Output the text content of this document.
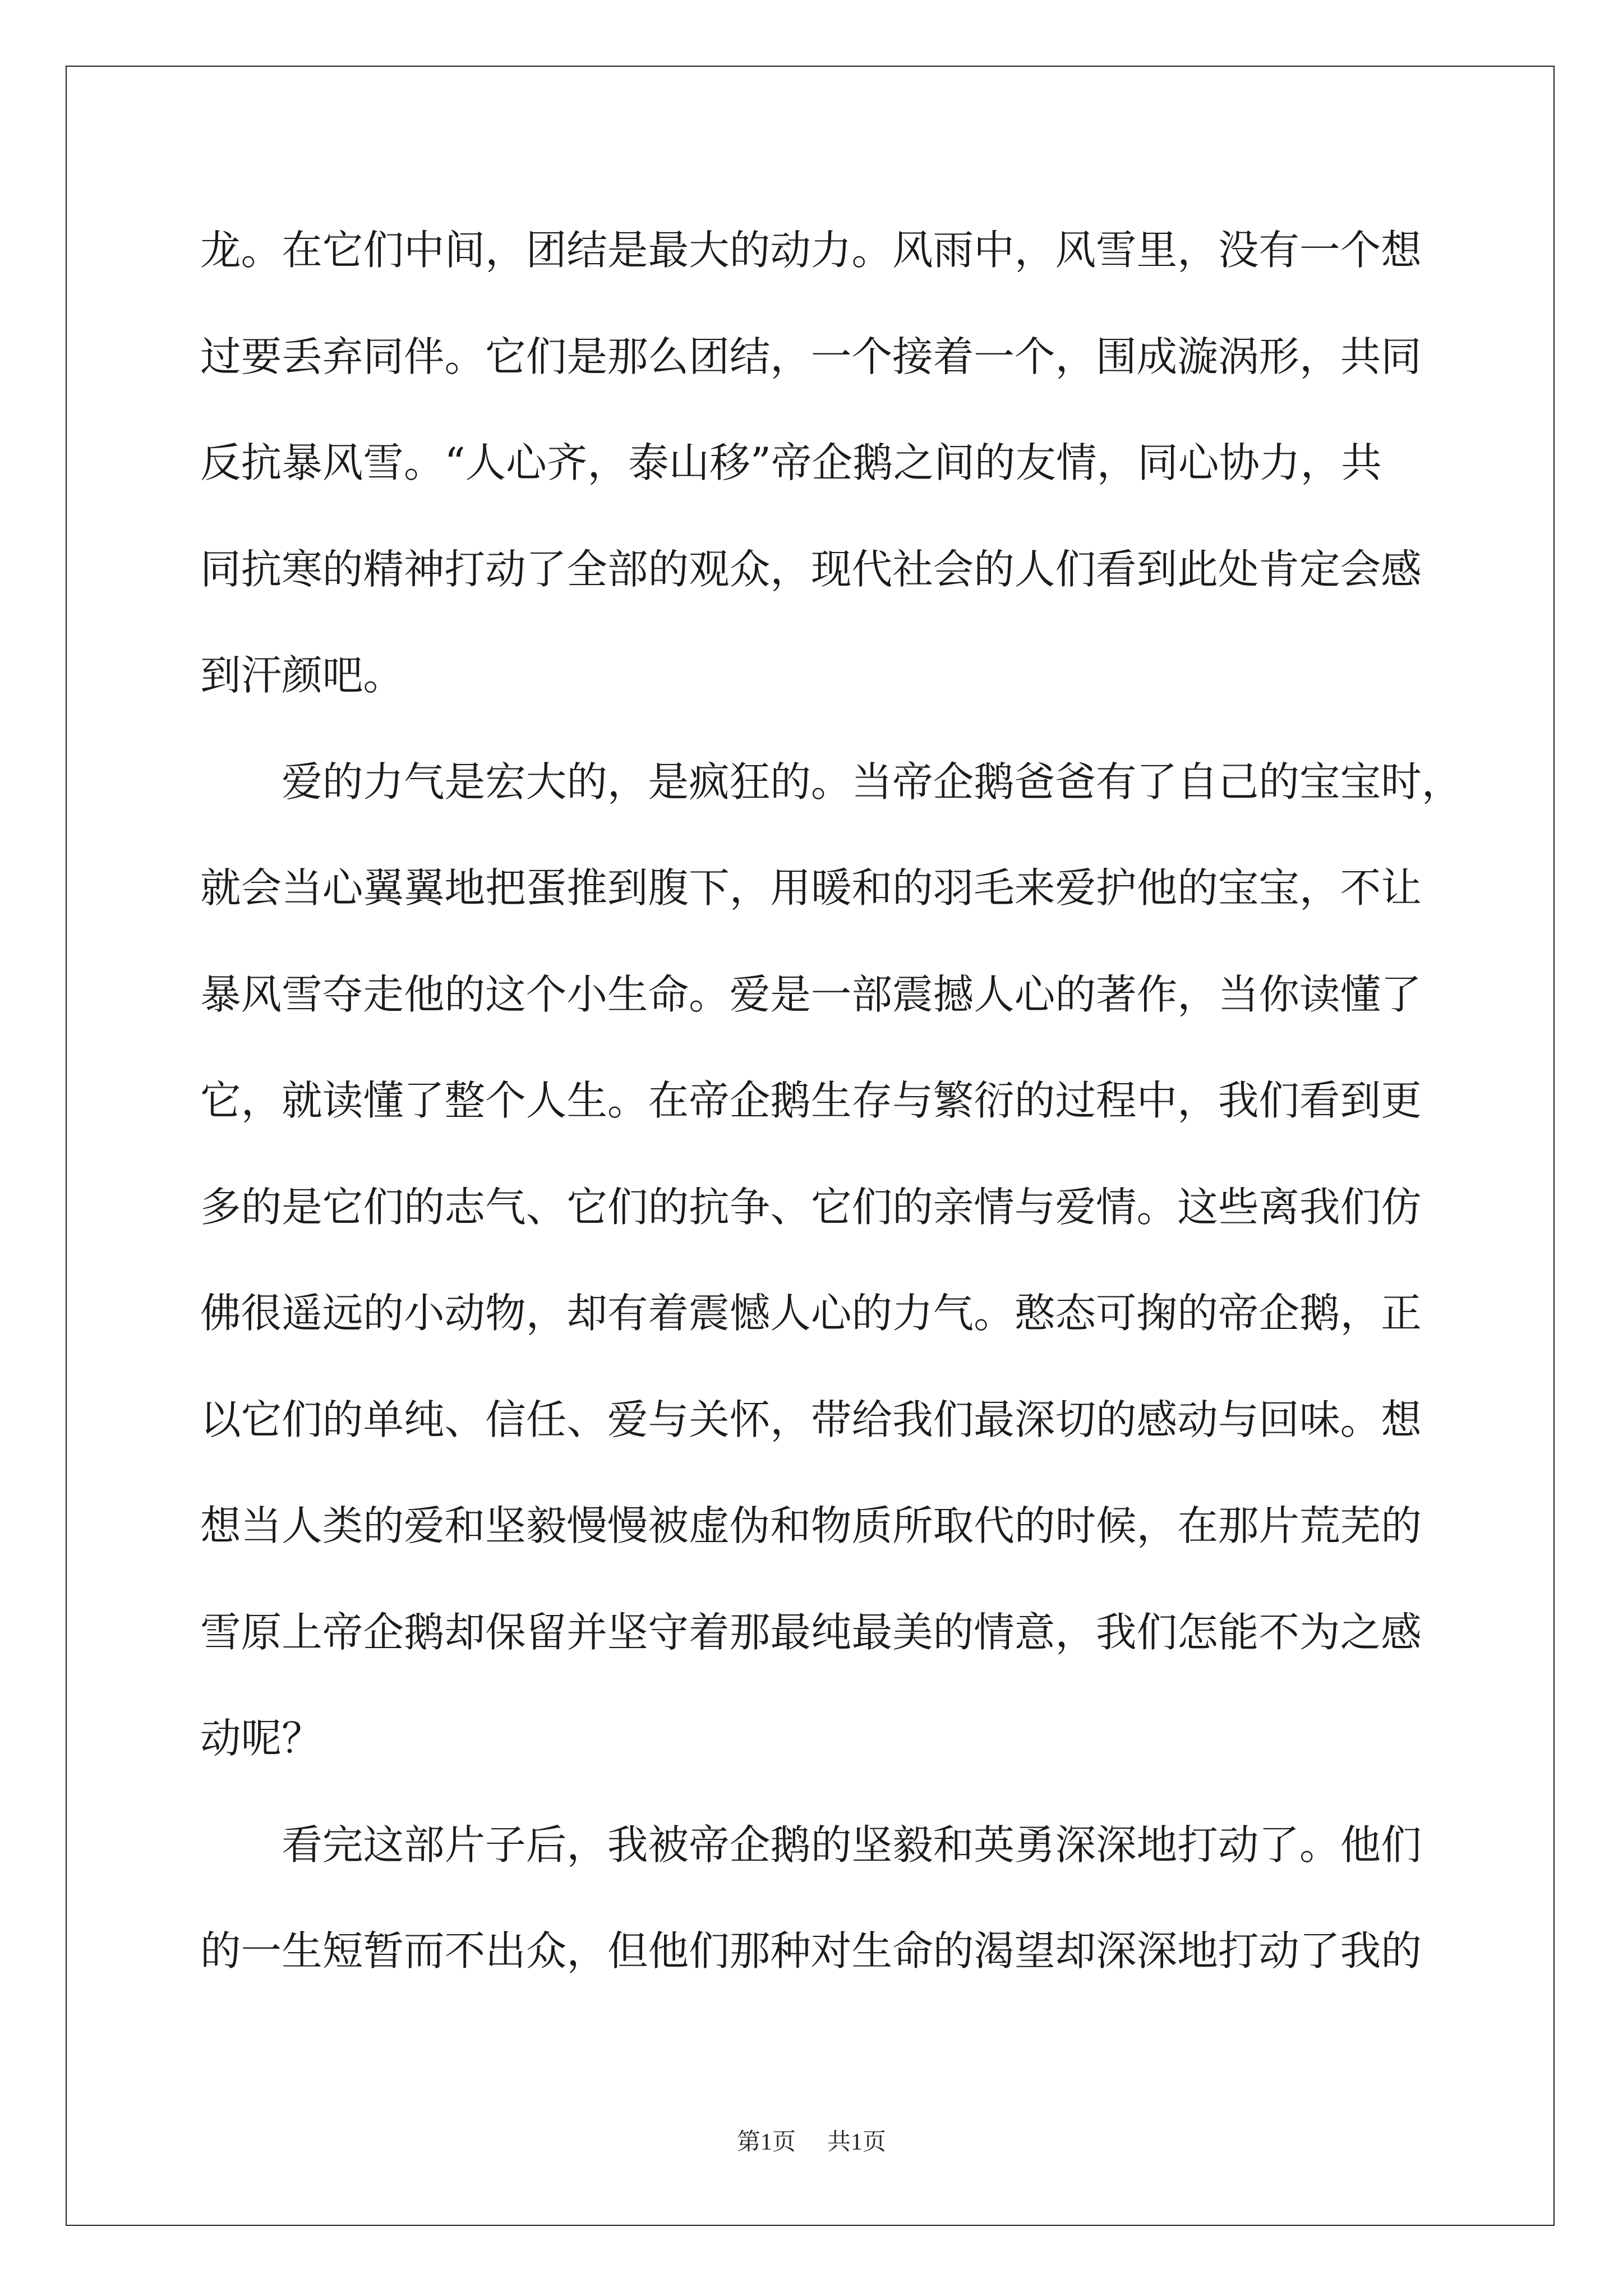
龙。在它们中间，团结是最大的动力。风雨中，风雪里，没有一个想
过要丢弃同伴。它们是那么团结，一个接着一个，围成漩涡形，共同
反抗暴风雪。“人心齐，泰山移”帝企鹅之间的友情，同心协力，共
同抗寒的精神打动了全部的观众，现代社会的人们看到此处肯定会感
到汗颜吧。
爱的力气是宏大的，是疯狂的。当帝企鹅爸爸有了自己的宝宝时，
就会当心翼翼地把蛋推到腹下，用暖和的羽毛来爱护他的宝宝，不让
暴风雪夺走他的这个小生命。爱是一部震撼人心的著作，当你读懂了
它，就读懂了整个人生。在帝企鹅生存与繁衍的过程中，我们看到更
多的是它们的志气、它们的抗争、它们的亲情与爱情。这些离我们仿
佛很遥远的小动物，却有着震憾人心的力气。憨态可掬的帝企鹅，正
以它们的单纯、信任、爱与关怀，带给我们最深切的感动与回味。想
想当人类的爱和坚毅慢慢被虚伪和物质所取代的时候，在那片荒芜的
雪原上帝企鹅却保留并坚守着那最纯最美的情意，我们怎能不为之感
动呢？
看完这部片子后，我被帝企鹅的坚毅和英勇深深地打动了。他们
的一生短暂而不出众，但他们那种对生命的渴望却深深地打动了我的
第1页 共1页
